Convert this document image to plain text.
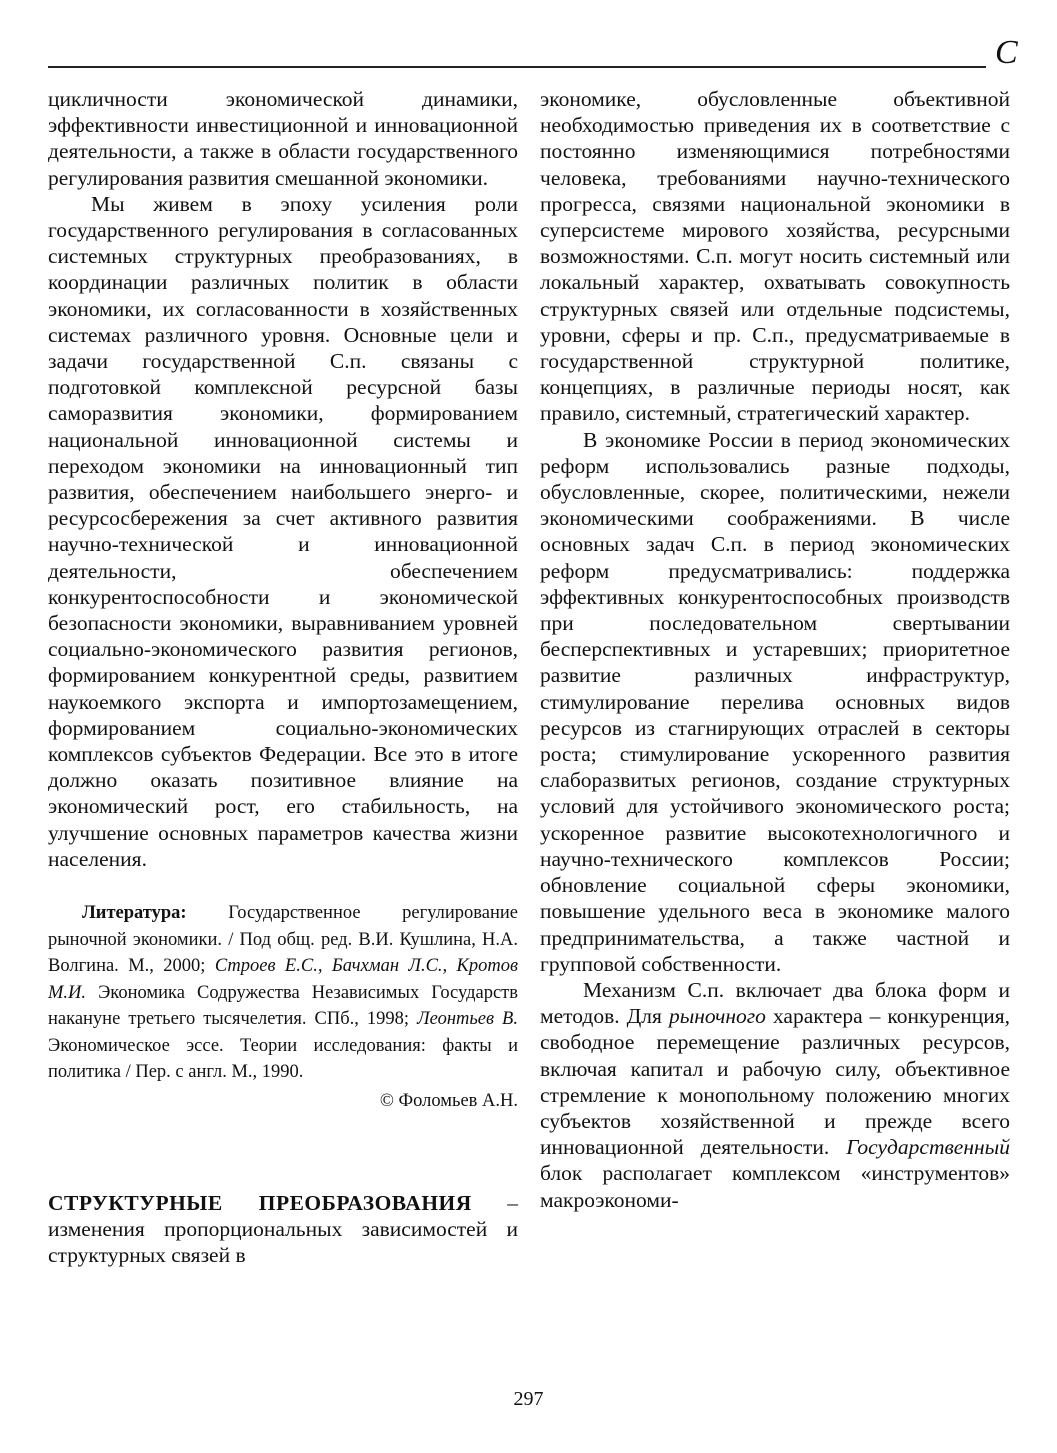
С

цикличности экономической динамики, эффективности инвестиционной и инновационной деятельности, а также в области государственного регулирования развития смешанной экономики.

Мы живем в эпоху усиления роли государственного регулирования в согласованных системных структурных преобразованиях, в координации различных политик в области экономики, их согласованности в хозяйственных системах различного уровня. Основные цели и задачи государственной С.п. связаны с подготовкой комплексной ресурсной базы саморазвития экономики, формированием национальной инновационной системы и переходом экономики на инновационный тип развития, обеспечением наибольшего энерго- и ресурсосбережения за счет активного развития научно-технической и инновационной деятельности, обеспечением конкурентоспособности и экономической безопасности экономики, выравниванием уровней социально-экономического развития регионов, формированием конкурентной среды, развитием наукоемкого экспорта и импортозамещением, формированием социально-экономических комплексов субъектов Федерации. Все это в итоге должно оказать позитивное влияние на экономический рост, его стабильность, на улучшение основных параметров качества жизни населения.

Литература: Государственное регулирование рыночной экономики. / Под общ. ред. В.И. Кушлина, Н.А. Волгина. М., 2000; Строев Е.С., Бачхман Л.С., Кротов М.И. Экономика Содружества Независимых Государств накануне третьего тысячелетия. СПб., 1998; Леонтьев В. Экономическое эссе. Теории исследования: факты и политика / Пер. с англ. М., 1990.

© Фоломьев А.Н.

СТРУКТУРНЫЕ ПРЕОБРАЗОВАНИЯ – изменения пропорциональных зависимостей и структурных связей в

экономике, обусловленные объективной необходимостью приведения их в соответствие с постоянно изменяющимися потребностями человека, требованиями научно-технического прогресса, связями национальной экономики в суперсистеме мирового хозяйства, ресурсными возможностями. С.п. могут носить системный или локальный характер, охватывать совокупность структурных связей или отдельные подсистемы, уровни, сферы и пр. С.п., предусматриваемые в государственной структурной политике, концепциях, в различные периоды носят, как правило, системный, стратегический характер.

В экономике России в период экономических реформ использовались разные подходы, обусловленные, скорее, политическими, нежели экономическими соображениями. В числе основных задач С.п. в период экономических реформ предусматривались: поддержка эффективных конкурентоспособных производств при последовательном свертывании бесперспективных и устаревших; приоритетное развитие различных инфраструктур, стимулирование перелива основных видов ресурсов из стагнирующих отраслей в секторы роста; стимулирование ускоренного развития слаборазвитых регионов, создание структурных условий для устойчивого экономического роста; ускоренное развитие высокотехнологичного и научно-технического комплексов России; обновление социальной сферы экономики, повышение удельного веса в экономике малого предпринимательства, а также частной и групповой собственности.

Механизм С.п. включает два блока форм и методов. Для рыночного характера – конкуренция, свободное перемещение различных ресурсов, включая капитал и рабочую силу, объективное стремление к монопольному положению многих субъектов хозяйственной и прежде всего инновационной деятельности. Государственный блок располагает комплексом «инструментов» макроэкономи-

297
